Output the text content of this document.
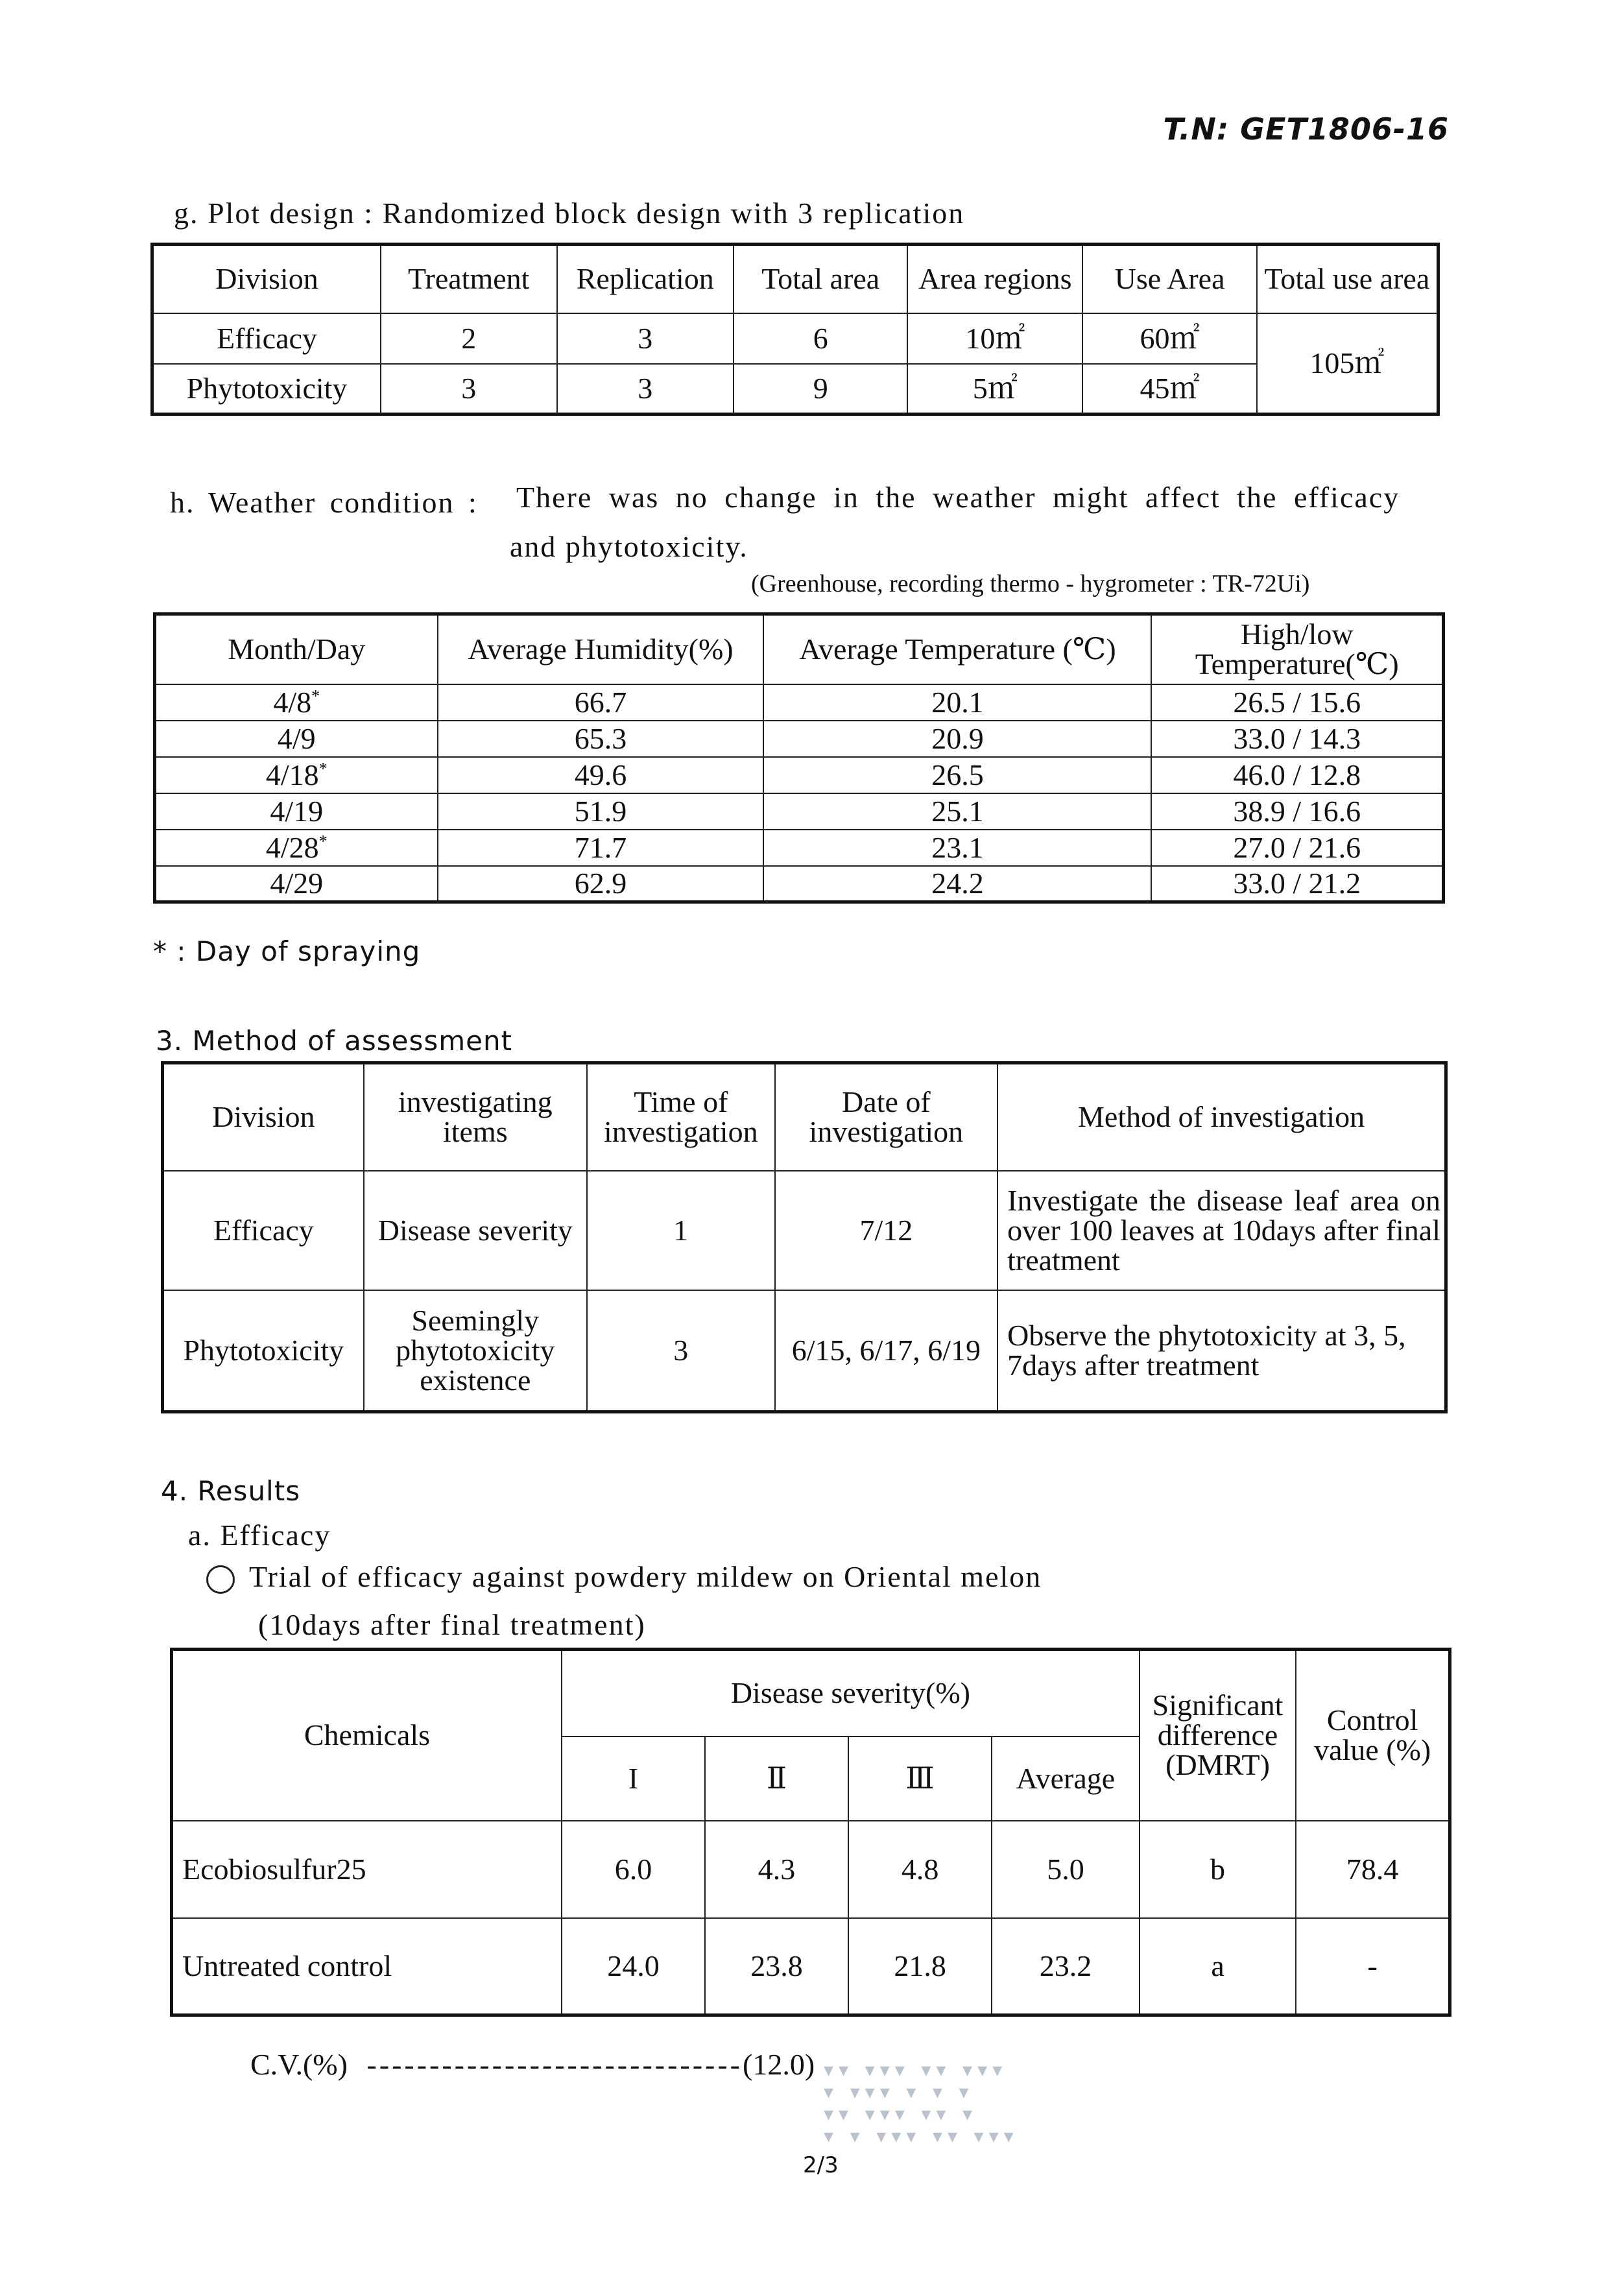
T.N: GET1806-16
g. Plot design : Randomized block design with 3 replication
Division	Treatment	Replication	Total area	Area regions	Use Area	Total use area
Efficacy	2	3	6	10㎡	60㎡	105㎡
Phytotoxicity	3	3	9	5㎡	45㎡	
h. Weather condition : There was no change in the weather might affect the efficacy
and phytotoxicity.
(Greenhouse, recording thermo - hygrometer : TR-72Ui)
Month/Day	Average Humidity(%)	Average Temperature (℃)	High/low Temperature(℃)
4/8*	66.7	20.1	26.5 / 15.6
4/9	65.3	20.9	33.0 / 14.3
4/18*	49.6	26.5	46.0 / 12.8
4/19	51.9	25.1	38.9 / 16.6
4/28*	71.7	23.1	27.0 / 21.6
4/29	62.9	24.2	33.0 / 21.2
* : Day of spraying
3. Method of assessment
Division	investigating items	Time of investigation	Date of investigation	Method of investigation
Efficacy	Disease severity	1	7/12	Investigate the disease leaf area on over 100 leaves at 10days after final treatment
Phytotoxicity	Seemingly phytotoxicity existence	3	6/15, 6/17, 6/19	Observe the phytotoxicity at 3, 5, 7days after treatment
4. Results
a. Efficacy
Trial of efficacy against powdery mildew on Oriental melon
(10days after final treatment)
Chemicals	Disease severity(%)				Significant difference (DMRT)	Control value (%)
	I	Ⅱ	Ⅲ	Average		
Ecobiosulfur25	6.0	4.3	4.8	5.0	b	78.4
Untreated control	24.0	23.8	21.8	23.2	a	-
C.V.(%) ------------------------------(12.0) ▾▾ ▾▾▾ ▾▾ ▾▾▾
▾ ▾▾▾ ▾ ▾ ▾
▾▾ ▾▾▾ ▾▾ ▾
▾ ▾ ▾▾▾ ▾▾ ▾▾▾
2/3
